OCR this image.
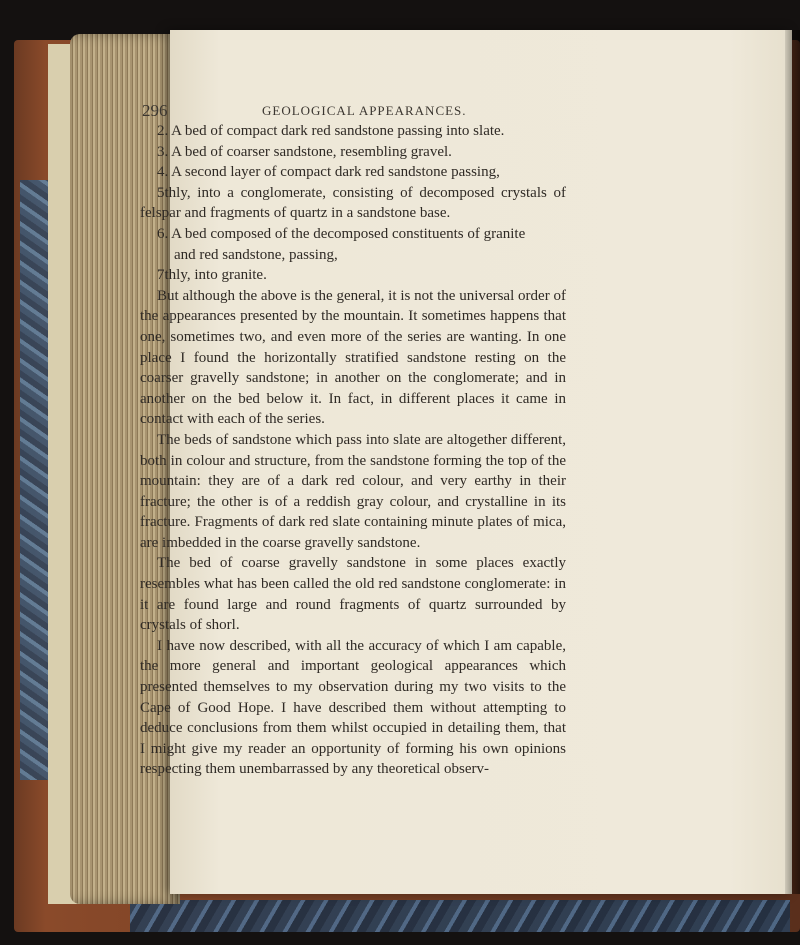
296	GEOLOGICAL APPEARANCES.

2. A bed of compact dark red sandstone passing into slate.

3. A bed of coarser sandstone, resembling gravel.

4. A second layer of compact dark red sandstone passing,

5thly, into a conglomerate, consisting of decomposed crystals of felspar and fragments of quartz in a sandstone base.

6. A bed composed of the decomposed constituents of granite

and red sandstone, passing,

7thly, into granite.

But although the above is the general, it is not the universal order of the appearances presented by the mountain. It sometimes happens that one, sometimes two, and even more of the series are wanting. In one place I found the horizontally stratified sandstone resting on the coarser gravelly sandstone; in another on the conglomerate; and in another on the bed below it. In fact, in different places it came in contact with each of the series.

The beds of sandstone which pass into slate are altogether different, both in colour and structure, from the sandstone forming the top of the mountain: they are of a dark red colour, and very earthy in their fracture; the other is of a reddish gray colour, and crystalline in its fracture. Fragments of dark red slate containing minute plates of mica, are imbedded in the coarse gravelly sandstone.

The bed of coarse gravelly sandstone in some places exactly resembles what has been called the old red sandstone conglomerate: in it are found large and round fragments of quartz surrounded by crystals of shorl.

I have now described, with all the accuracy of which I am capable, the more general and important geological appearances which presented themselves to my observation during my two visits to the Cape of Good Hope. I have described them without attempting to deduce conclusions from them whilst occupied in detailing them, that I might give my reader an opportunity of forming his own opinions respecting them unembarrassed by any theoretical observ-
